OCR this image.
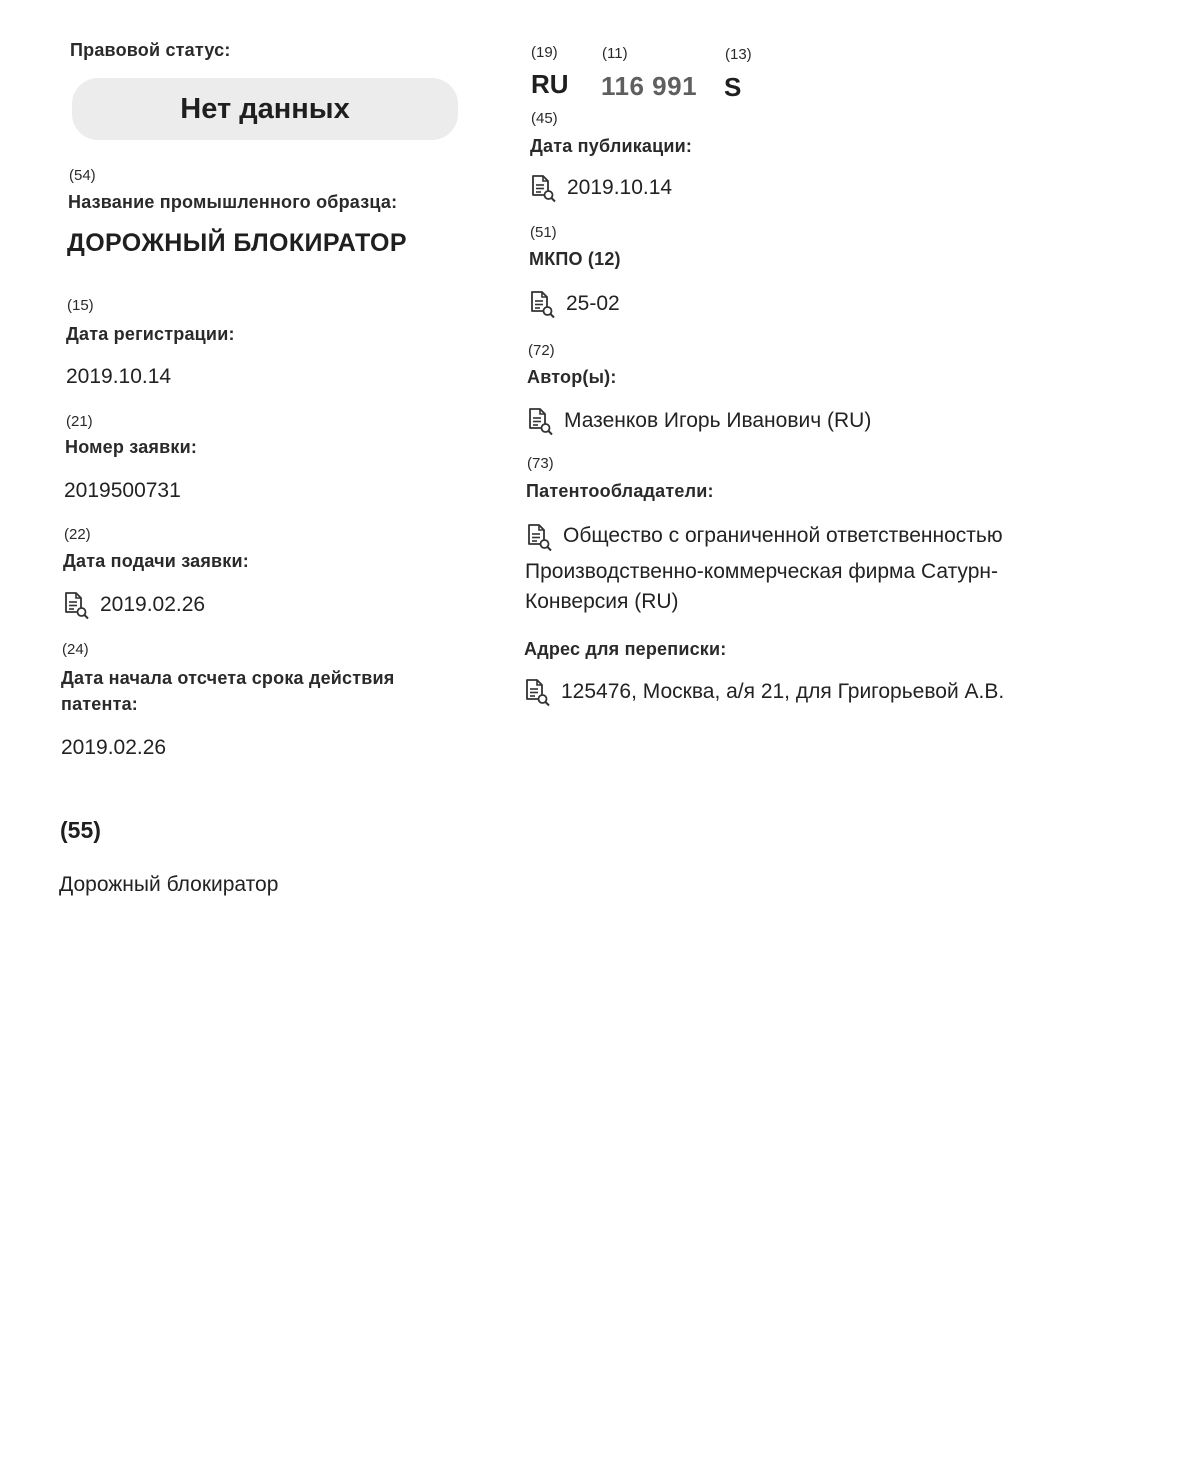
Правовой статус:
Нет данных
(54)
Название промышленного образца:
ДОРОЖНЫЙ БЛОКИРАТОР
(15)
Дата регистрации:
2019.10.14
(21)
Номер заявки:
2019500731
(22)
Дата подачи заявки:
2019.02.26
(24)
Дата начала отсчета срока действия
патента:
2019.02.26
(55)
Дорожный блокиратор
(19)	(11)	(13)
RU 116 991 S
(45)
Дата публикации:
2019.10.14
(51)
МКПО (12)
25-02
(72)
Автор(ы):
Мазенков Игорь Иванович (RU)
(73)
Патентообладатели:
Общество с ограниченной ответственностью
Производственно-коммерческая фирма Сатурн-
Конверсия (RU)
Адрес для переписки:
125476, Москва, а/я 21, для Григорьевой А.В.
